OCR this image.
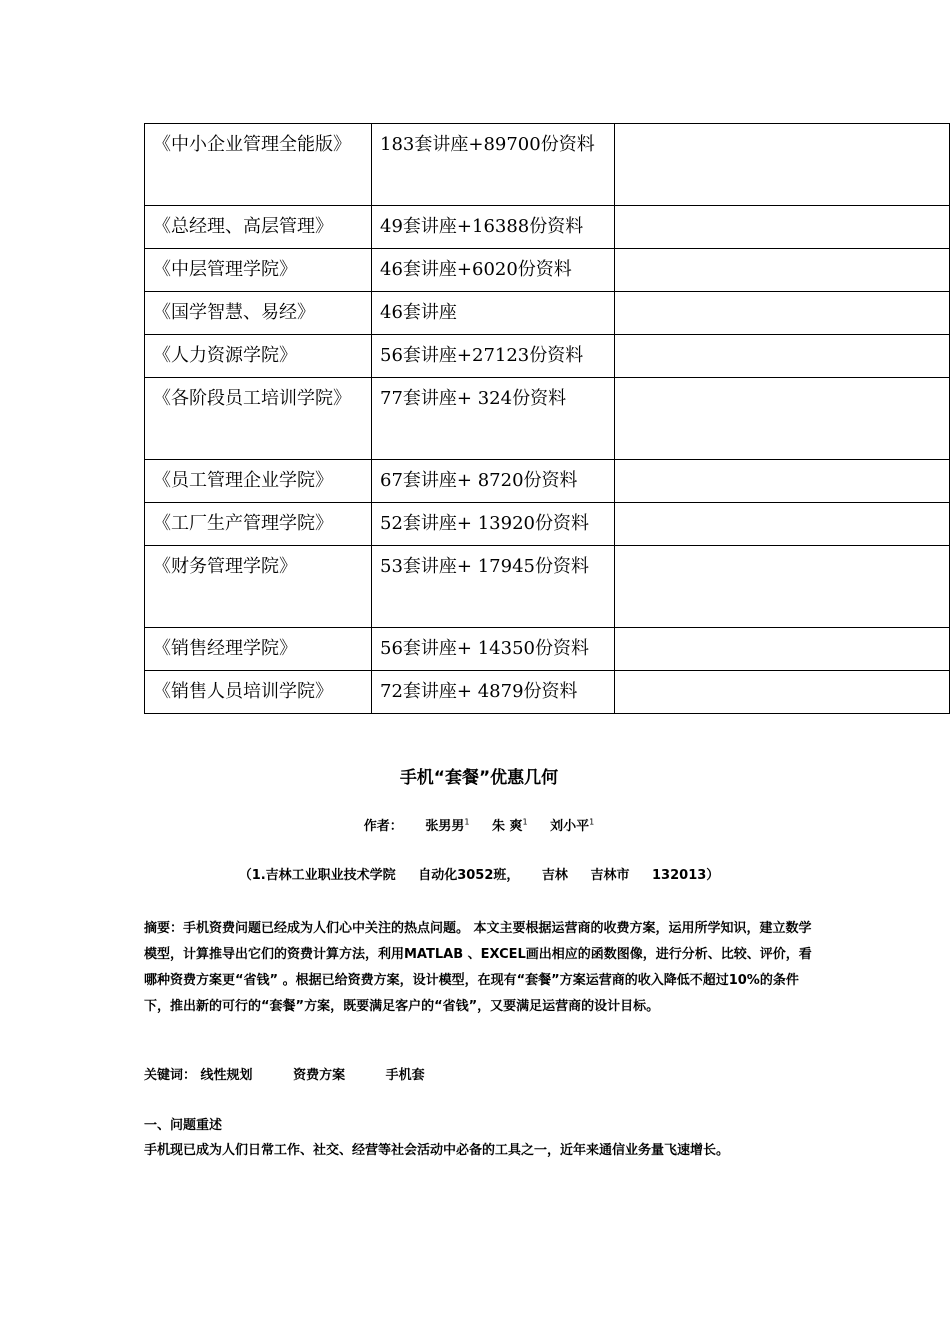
《中小企业管理全能版》	183套讲座+89700份资料	
《总经理、高层管理》	49套讲座+16388份资料	
《中层管理学院》	46套讲座+6020份资料	
《国学智慧、易经》	46套讲座	
《人力资源学院》	56套讲座+27123份资料	
《各阶段员工培训学院》	77套讲座+ 324份资料	
《员工管理企业学院》	67套讲座+ 8720份资料	
《工厂生产管理学院》	52套讲座+ 13920份资料	
《财务管理学院》	53套讲座+ 17945份资料	
《销售经理学院》	56套讲座+ 14350份资料	
《销售人员培训学院》	72套讲座+ 4879份资料	
手机“套餐”优惠几何
作者： 张男男$^1$ 朱 爽$^1$ 刘小平$^1$
（1.吉林工业职业技术学院 自动化3052班， 吉林 吉林市 132013）
摘要：手机资费问题已经成为人们心中关注的热点问题。 本文主要根据运营商的收费方案，运用所学知识，建立数学模型，计算推导出它们的资费计算方法，利用MATLAB 、EXCEL画出相应的函数图像，进行分析、比较、评价，看哪种资费方案更“省钱” 。根据已给资费方案，设计模型，在现有“套餐”方案运营商的收入降低不超过10%的条件下，推出新的可行的“套餐”方案，既要满足客户的“省钱”，又要满足运营商的设计目标。
关键词： 线性规划	资费方案	手机套
一、问题重述
手机现已成为人们日常工作、社交、经营等社会活动中必备的工具之一，近年来通信业务量飞速增长。
